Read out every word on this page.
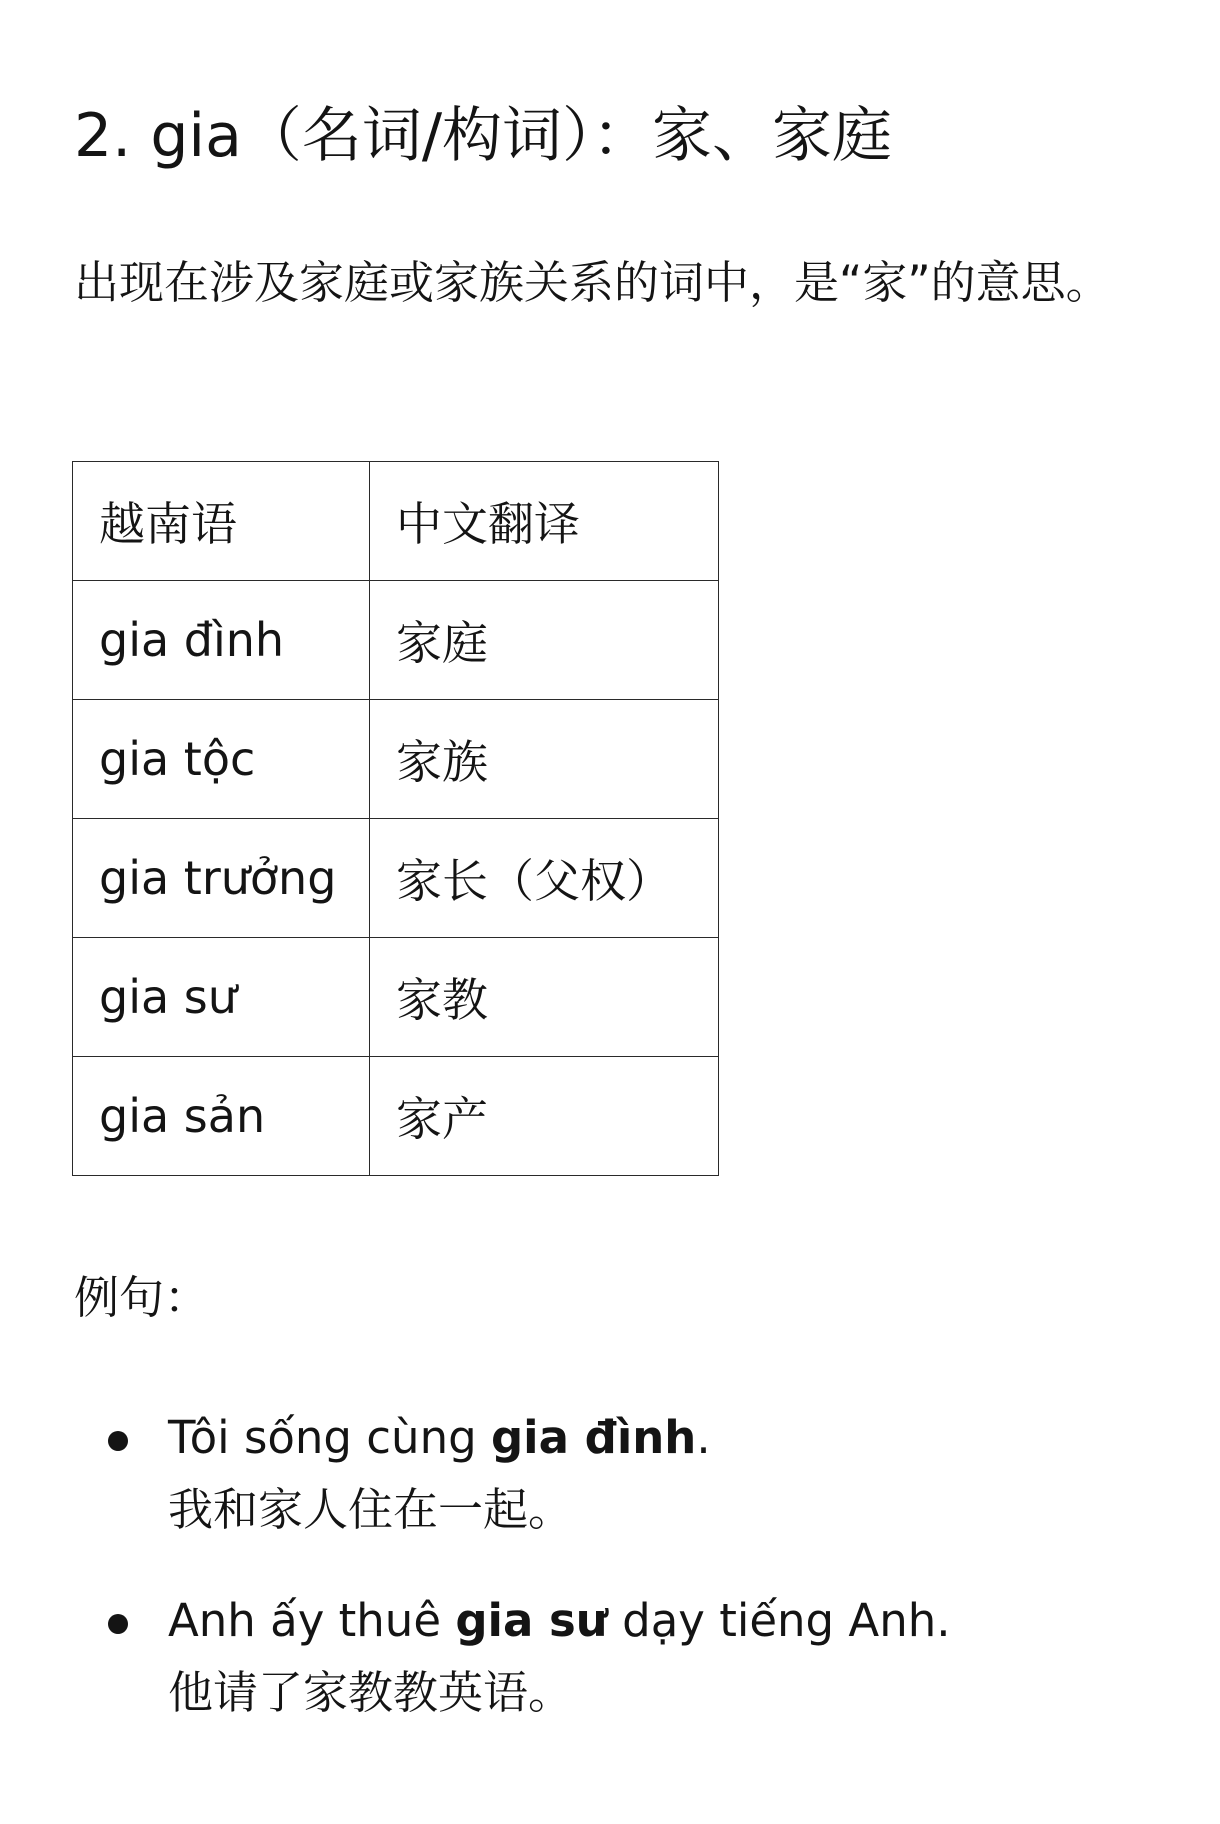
2. gia（名词/构词）：家、家庭

出现在涉及家庭或家族关系的词中，是“家”的意思。

越南语	中文翻译
gia đình	家庭
gia tộc	家族
gia trưởng	家长（父权）
gia sư	家教
gia sản	家产

例句：

Tôi sống cùng gia đình.
我和家人住在一起。
Anh ấy thuê gia sư dạy tiếng Anh.
他请了家教教英语。
